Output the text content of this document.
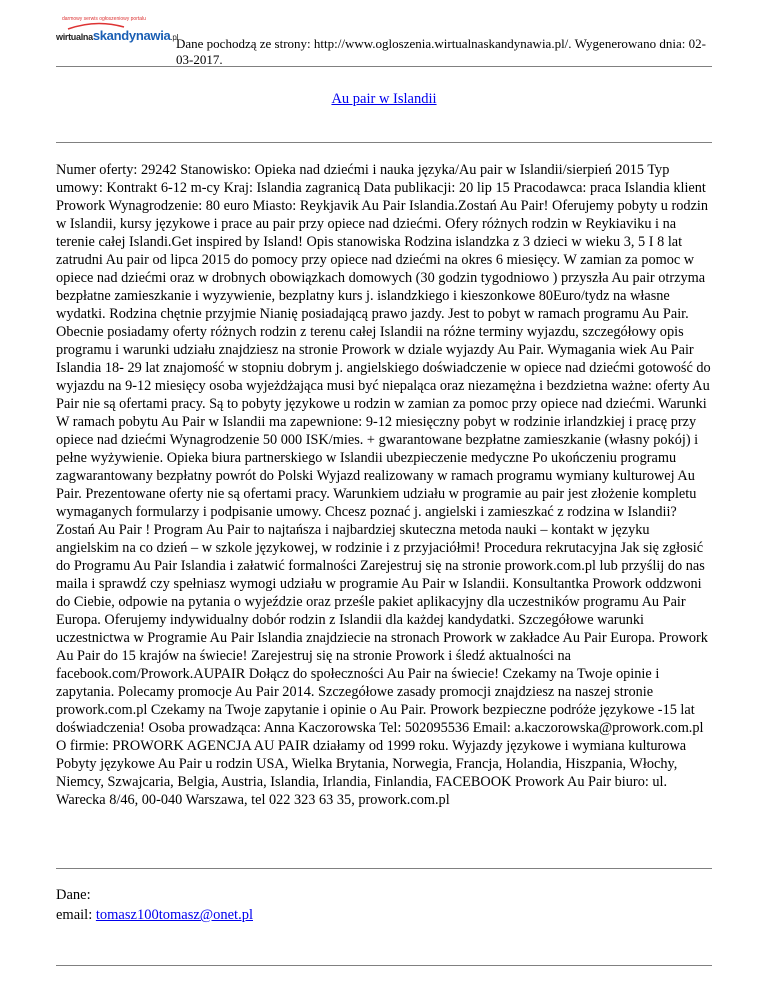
darmowy serwis ogłoszeniowy portalu
wirtualnaskandynawia.pl
Dane pochodzą ze strony: http://www.ogloszenia.wirtualnaskandynawia.pl/. Wygenerowano dnia: 02-03-2017.
Au pair w Islandii
Numer oferty: 29242 Stanowisko: Opieka nad dziećmi i nauka języka/Au pair w Islandii/sierpień 2015 Typ umowy: Kontrakt 6-12 m-cy Kraj: Islandia zagranicą Data publikacji: 20 lip 15 Pracodawca: praca Islandia klient Prowork Wynagrodzenie: 80 euro Miasto: Reykjavik Au Pair Islandia.Zostań Au Pair! Oferujemy pobyty u rodzin w Islandii, kursy językowe i prace au pair przy opiece nad dziećmi. Ofery różnych rodzin w Reykiaviku i na terenie całej Islandi.Get inspired by Island! Opis stanowiska Rodzina islandzka z 3 dzieci w wieku 3, 5 I 8 lat zatrudni Au pair od lipca 2015 do pomocy przy opiece nad dziećmi na okres 6 miesięcy. W zamian za pomoc w opiece nad dziećmi oraz w drobnych obowiązkach domowych (30 godzin tygodniowo ) przyszła Au pair otrzyma bezpłatne zamieszkanie i wyzywienie, bezplatny kurs j. islandzkiego i kieszonkowe 80Euro/tydz na własne wydatki. Rodzina chętnie przyjmie Nianię posiadającą prawo jazdy. Jest to pobyt w ramach programu Au Pair. Obecnie posiadamy oferty różnych rodzin z terenu całej Islandii na różne terminy wyjazdu, szczegółowy opis programu i warunki udziału znajdziesz na stronie Prowork w dziale wyjazdy Au Pair. Wymagania wiek Au Pair Islandia 18- 29 lat znajomość w stopniu dobrym j. angielskiego doświadczenie w opiece nad dziećmi gotowość do wyjazdu na 9-12 miesięcy osoba wyjeżdżająca musi być niepaląca oraz niezamężna i bezdzietna ważne: oferty Au Pair nie są ofertami pracy. Są to pobyty językowe u rodzin w zamian za pomoc przy opiece nad dziećmi. Warunki W ramach pobytu Au Pair w Islandii ma zapewnione: 9-12 miesięczny pobyt w rodzinie irlandzkiej i pracę przy opiece nad dziećmi Wynagrodzenie 50 000 ISK/mies. + gwarantowane bezpłatne zamieszkanie (własny pokój) i pełne wyżywienie. Opieka biura partnerskiego w Islandii ubezpieczenie medyczne Po ukończeniu programu zagwarantowany bezpłatny powrót do Polski Wyjazd realizowany w ramach programu wymiany kulturowej Au Pair. Prezentowane oferty nie są ofertami pracy. Warunkiem udziału w programie au pair jest złożenie kompletu wymaganych formularzy i podpisanie umowy. Chcesz poznać j. angielski i zamieszkać z rodzina w Islandii? Zostań Au Pair ! Program Au Pair to najtańsza i najbardziej skuteczna metoda nauki – kontakt w języku angielskim na co dzień – w szkole językowej, w rodzinie i z przyjaciółmi! Procedura rekrutacyjna Jak się zgłosić do Programu Au Pair Islandia i załatwić formalności Zarejestruj się na stronie prowork.com.pl lub przyślij do nas maila i sprawdź czy spełniasz wymogi udziału w programie Au Pair w Islandii. Konsultantka Prowork oddzwoni do Ciebie, odpowie na pytania o wyjeździe oraz prześle pakiet aplikacyjny dla uczestników programu Au Pair Europa. Oferujemy indywidualny dobór rodzin z Islandii dla każdej kandydatki. Szczegółowe warunki uczestnictwa w Programie Au Pair Islandia znajdziecie na stronach Prowork w zakładce Au Pair Europa. Prowork Au Pair do 15 krajów na świecie! Zarejestruj się na stronie Prowork i śledź aktualności na facebook.com/Prowork.AUPAIR Dołącz do społeczności Au Pair na świecie! Czekamy na Twoje opinie i zapytania. Polecamy promocje Au Pair 2014. Szczegółowe zasady promocji znajdziesz na naszej stronie prowork.com.pl Czekamy na Twoje zapytanie i opinie o Au Pair. Prowork bezpieczne podróże językowe -15 lat doświadczenia! Osoba prowadząca: Anna Kaczorowska Tel: 502095536 Email: a.kaczorowska@prowork.com.pl O firmie: PROWORK AGENCJA AU PAIR działamy od 1999 roku. Wyjazdy językowe i wymiana kulturowa Pobyty językowe Au Pair u rodzin USA, Wielka Brytania, Norwegia, Francja, Holandia, Hiszpania, Włochy, Niemcy, Szwajcaria, Belgia, Austria, Islandia, Irlandia, Finlandia, FACEBOOK Prowork Au Pair biuro: ul. Warecka 8/46, 00-040 Warszawa, tel 022 323 63 35, prowork.com.pl
Dane:
email: tomasz100tomasz@onet.pl
